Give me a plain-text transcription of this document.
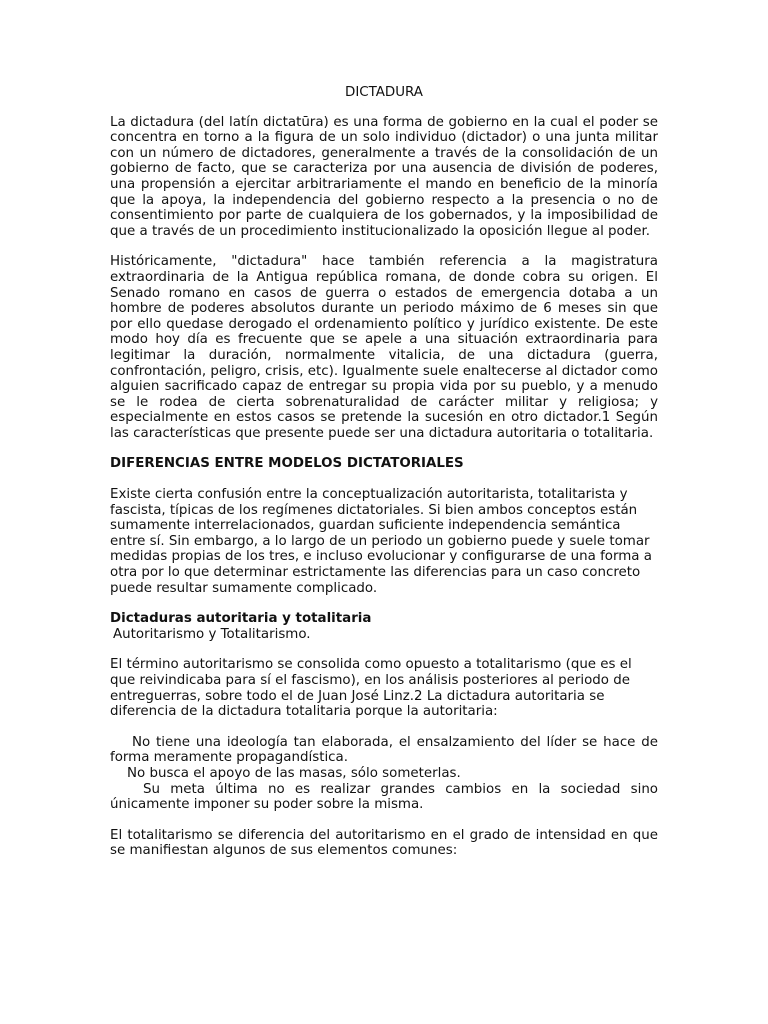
DICTADURA

La dictadura (del latín dictatūra) es una forma de gobierno en la cual el poder se concentra en torno a la figura de un solo individuo (dictador) o una junta militar con un número de dictadores, generalmente a través de la consolidación de un gobierno de facto, que se caracteriza por una ausencia de división de poderes, una propensión a ejercitar arbitrariamente el mando en beneficio de la minoría que la apoya, la independencia del gobierno respecto a la presencia o no de consentimiento por parte de cualquiera de los gobernados, y la imposibilidad de que a través de un procedimiento institucionalizado la oposición llegue al poder.

Históricamente, "dictadura" hace también referencia a la magistratura extraordinaria de la Antigua república romana, de donde cobra su origen. El Senado romano en casos de guerra o estados de emergencia dotaba a un hombre de poderes absolutos durante un periodo máximo de 6 meses sin que por ello quedase derogado el ordenamiento político y jurídico existente. De este modo hoy día es frecuente que se apele a una situación extraordinaria para legitimar la duración, normalmente vitalicia, de una dictadura (guerra, confrontación, peligro, crisis, etc). Igualmente suele enaltecerse al dictador como alguien sacrificado capaz de entregar su propia vida por su pueblo, y a menudo se le rodea de cierta sobrenaturalidad de carácter militar y religiosa; y especialmente en estos casos se pretende la sucesión en otro dictador.1 Según las características que presente puede ser una dictadura autoritaria o totalitaria.

DIFERENCIAS ENTRE MODELOS DICTATORIALES

Existe cierta confusión entre la conceptualización autoritarista, totalitarista y fascista, típicas de los regímenes dictatoriales. Si bien ambos conceptos están sumamente interrelacionados, guardan suficiente independencia semántica entre sí. Sin embargo, a lo largo de un periodo un gobierno puede y suele tomar medidas propias de los tres, e incluso evolucionar y configurarse de una forma a otra por lo que determinar estrictamente las diferencias para un caso concreto puede resultar sumamente complicado.

Dictaduras autoritaria y totalitaria

Autoritarismo y Totalitarismo.

El término autoritarismo se consolida como opuesto a totalitarismo (que es el que reivindicaba para sí el fascismo), en los análisis posteriores al periodo de entreguerras, sobre todo el de Juan José Linz.2 La dictadura autoritaria se diferencia de la dictadura totalitaria porque la autoritaria:

No tiene una ideología tan elaborada, el ensalzamiento del líder se hace de forma meramente propagandística.

No busca el apoyo de las masas, sólo someterlas.

Su meta última no es realizar grandes cambios en la sociedad sino únicamente imponer su poder sobre la misma.

El totalitarismo se diferencia del autoritarismo en el grado de intensidad en que se manifiestan algunos de sus elementos comunes:
